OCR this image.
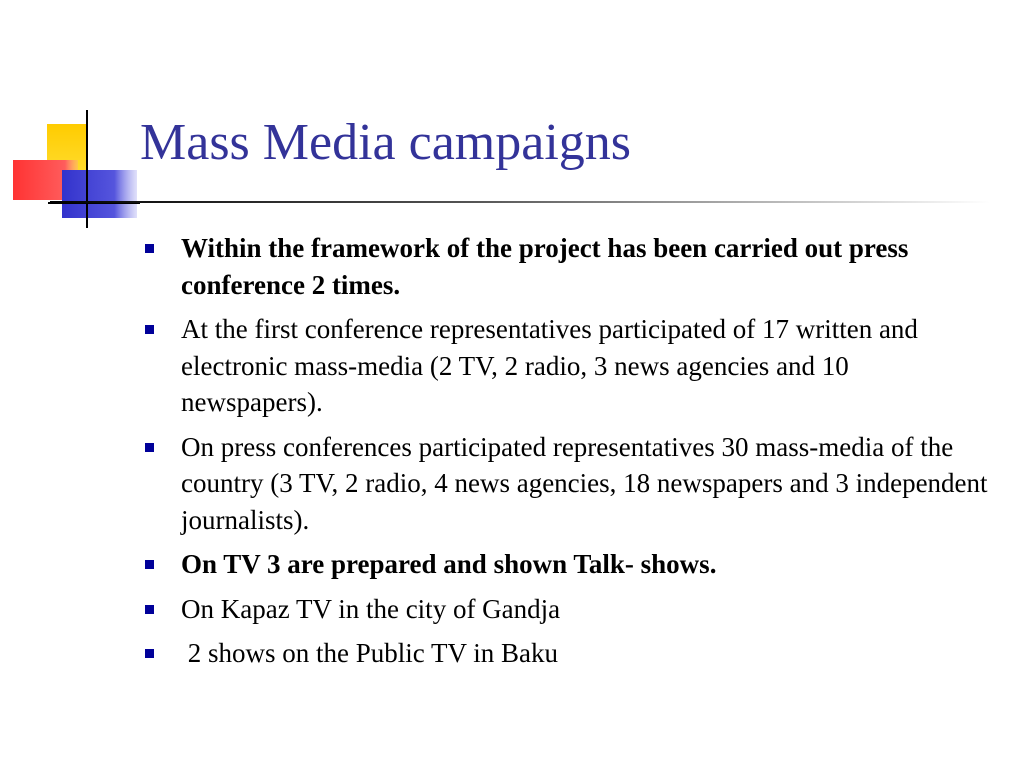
Mass Media campaigns
Within the framework of the project has been carried out press conference 2 times.
At the first conference representatives participated of 17 written and electronic mass-media (2 TV, 2 radio, 3 news agencies and 10 newspapers).
On press conferences participated representatives 30 mass-media of the country (3 TV, 2 radio, 4 news agencies, 18 newspapers and 3 independent journalists).
On TV 3 are prepared and shown Talk- shows.
On Kapaz TV in the city of Gandja
2 shows on the Public TV in Baku
